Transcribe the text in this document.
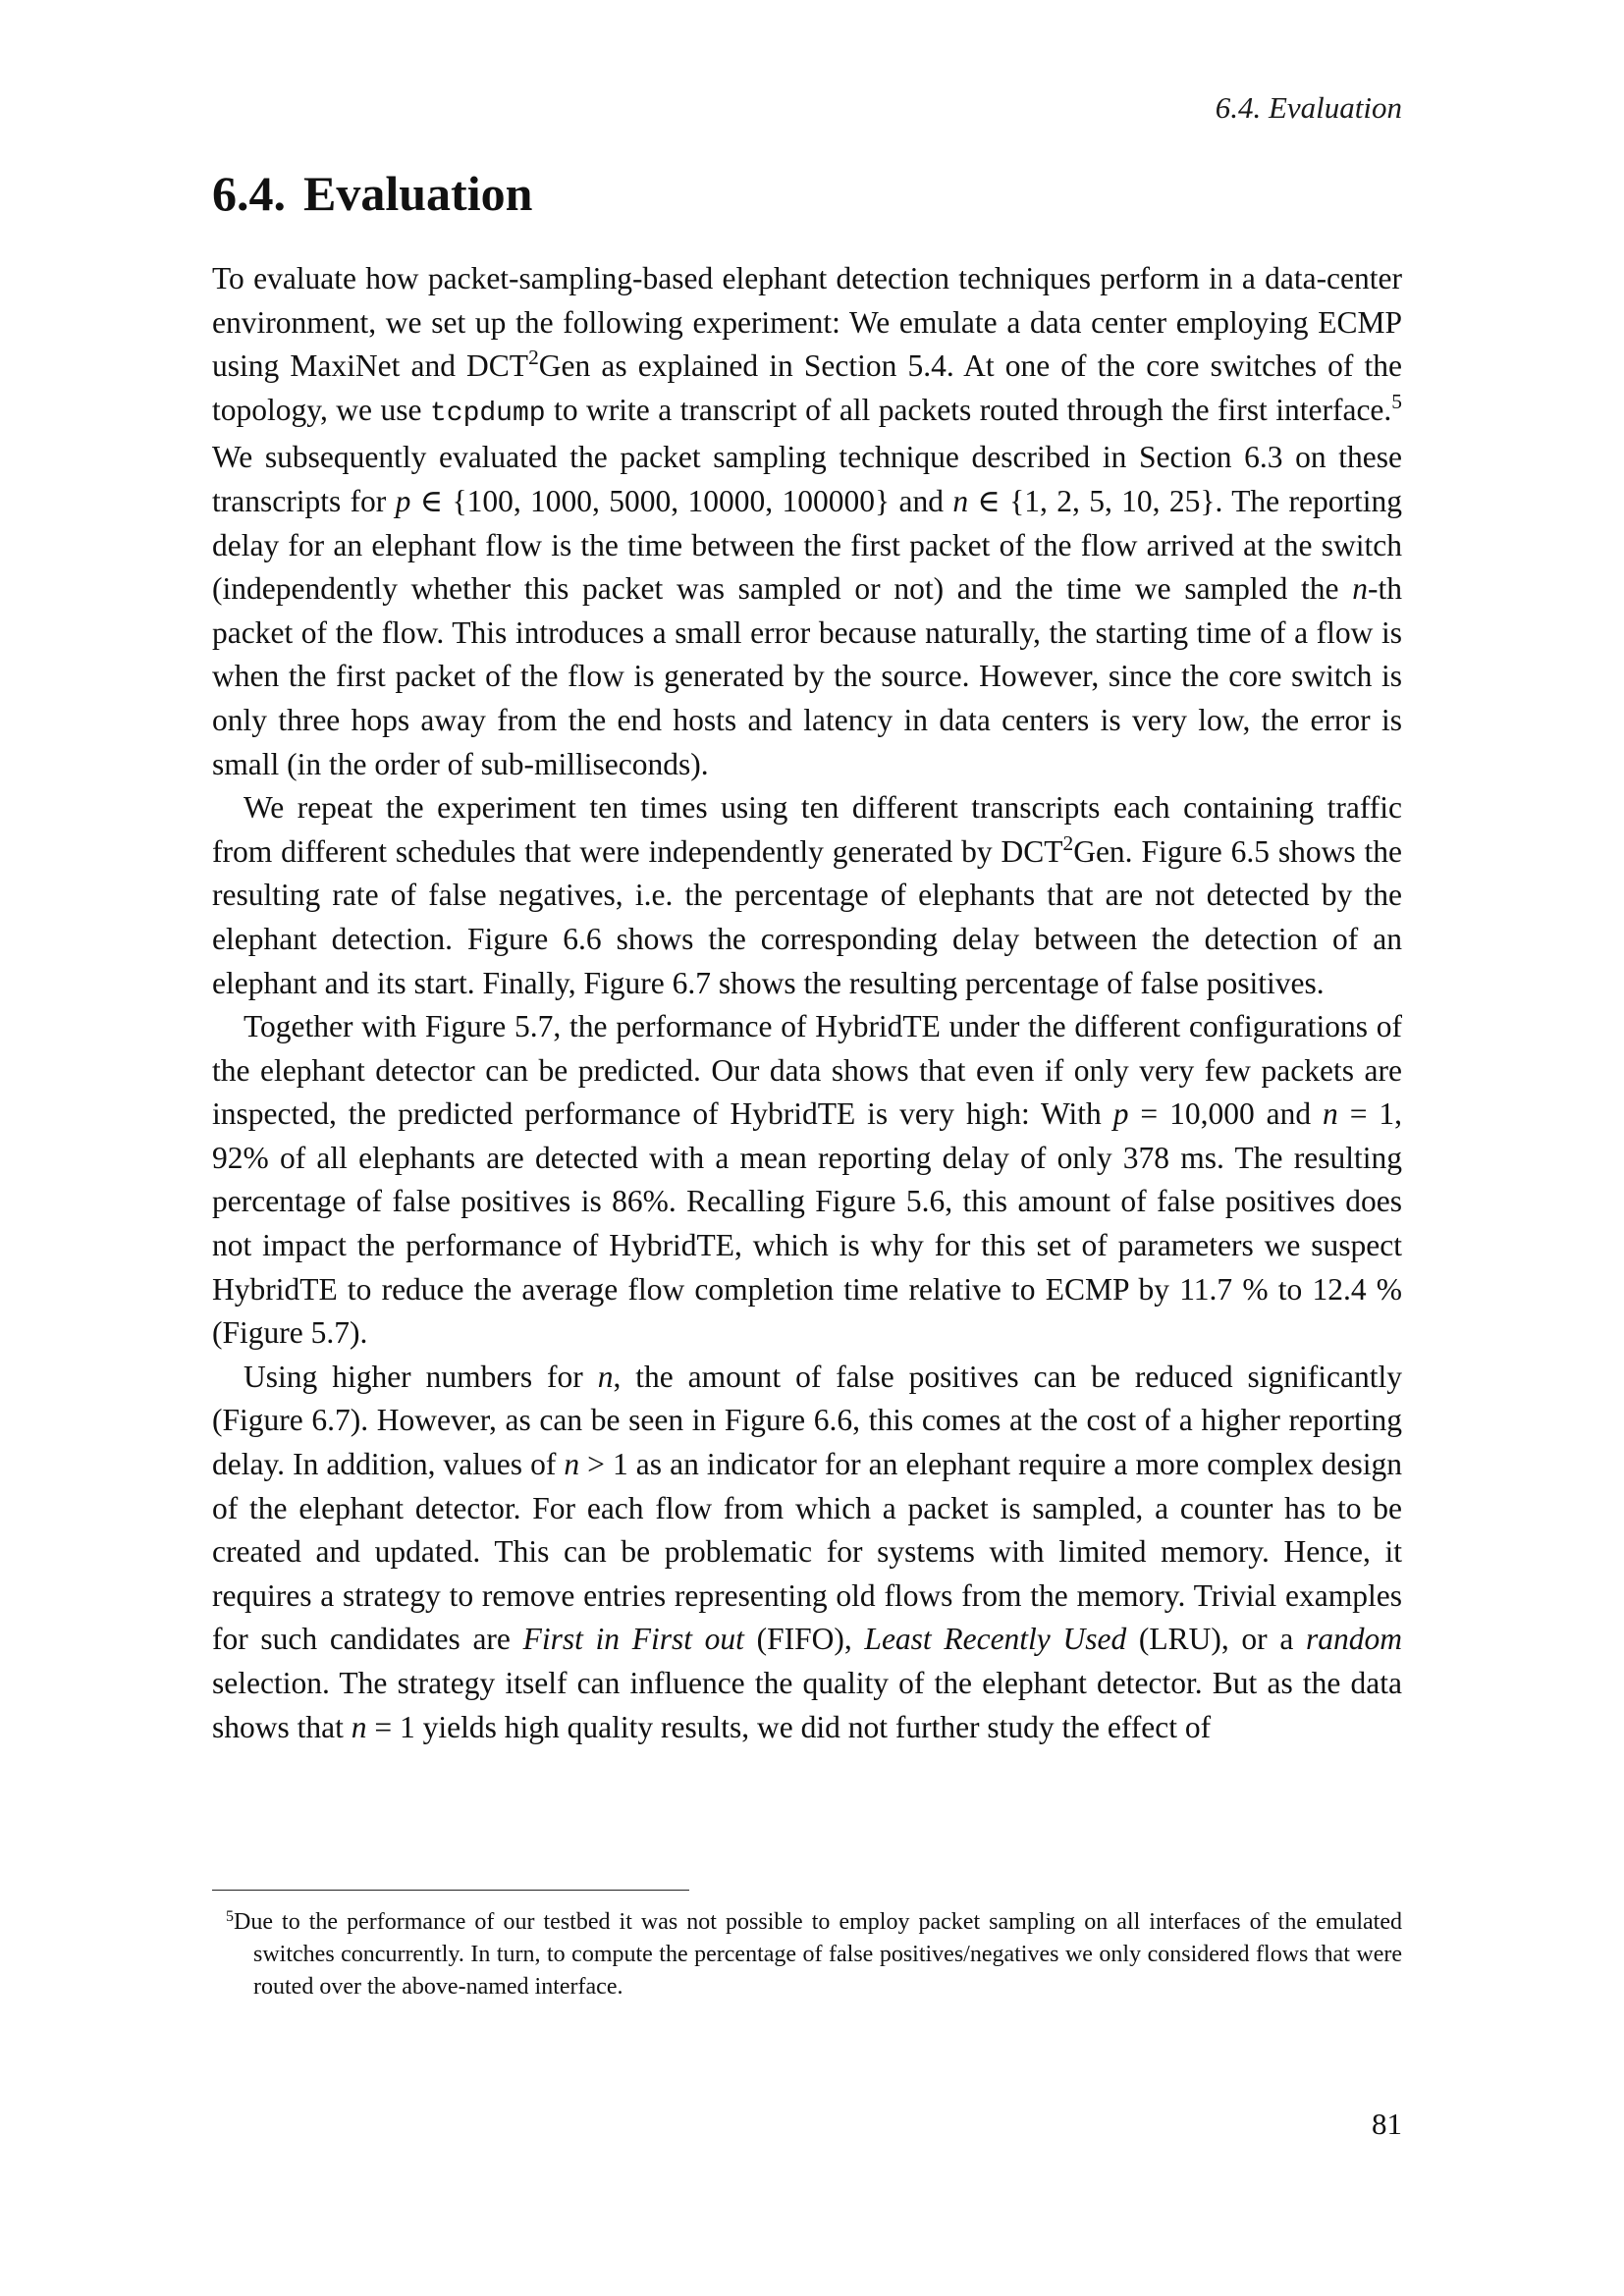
6.4. Evaluation
6.4. Evaluation

To evaluate how packet-sampling-based elephant detection techniques perform in a data-center environment, we set up the following experiment: We emulate a data center employing ECMP using MaxiNet and DCT$^2$Gen as explained in Section 5.4. At one of the core switches of the topology, we use tcpdump to write a transcript of all packets routed through the first interface.$^5$ We subsequently evaluated the packet sampling technique described in Section 6.3 on these transcripts for p ∈ {100, 1000, 5000, 10000, 100000} and n ∈ {1, 2, 5, 10, 25}. The reporting delay for an elephant flow is the time between the first packet of the flow arrived at the switch (independently whether this packet was sampled or not) and the time we sampled the n-th packet of the flow. This introduces a small error because naturally, the starting time of a flow is when the first packet of the flow is generated by the source. However, since the core switch is only three hops away from the end hosts and latency in data centers is very low, the error is small (in the order of sub-milliseconds).

We repeat the experiment ten times using ten different transcripts each containing traffic from different schedules that were independently generated by DCT$^2$Gen. Figure 6.5 shows the resulting rate of false negatives, i.e. the percentage of elephants that are not detected by the elephant detection. Figure 6.6 shows the corresponding delay between the detection of an elephant and its start. Finally, Figure 6.7 shows the resulting percentage of false positives.

Together with Figure 5.7, the performance of HybridTE under the different configurations of the elephant detector can be predicted. Our data shows that even if only very few packets are inspected, the predicted performance of HybridTE is very high: With p = 10,000 and n = 1, 92% of all elephants are detected with a mean reporting delay of only 378 ms. The resulting percentage of false positives is 86%. Recalling Figure 5.6, this amount of false positives does not impact the performance of HybridTE, which is why for this set of parameters we suspect HybridTE to reduce the average flow completion time relative to ECMP by 11.7 % to 12.4 % (Figure 5.7).

Using higher numbers for n, the amount of false positives can be reduced significantly (Figure 6.7). However, as can be seen in Figure 6.6, this comes at the cost of a higher reporting delay. In addition, values of n > 1 as an indicator for an elephant require a more complex design of the elephant detector. For each flow from which a packet is sampled, a counter has to be created and updated. This can be problematic for systems with limited memory. Hence, it requires a strategy to remove entries representing old flows from the memory. Trivial examples for such candidates are First in First out (FIFO), Least Recently Used (LRU), or a random selection. The strategy itself can influence the quality of the elephant detector. But as the data shows that n = 1 yields high quality results, we did not further study the effect of

$^5$Due to the performance of our testbed it was not possible to employ packet sampling on all interfaces of the emulated switches concurrently. In turn, to compute the percentage of false positives/negatives we only considered flows that were routed over the above-named interface.
81
